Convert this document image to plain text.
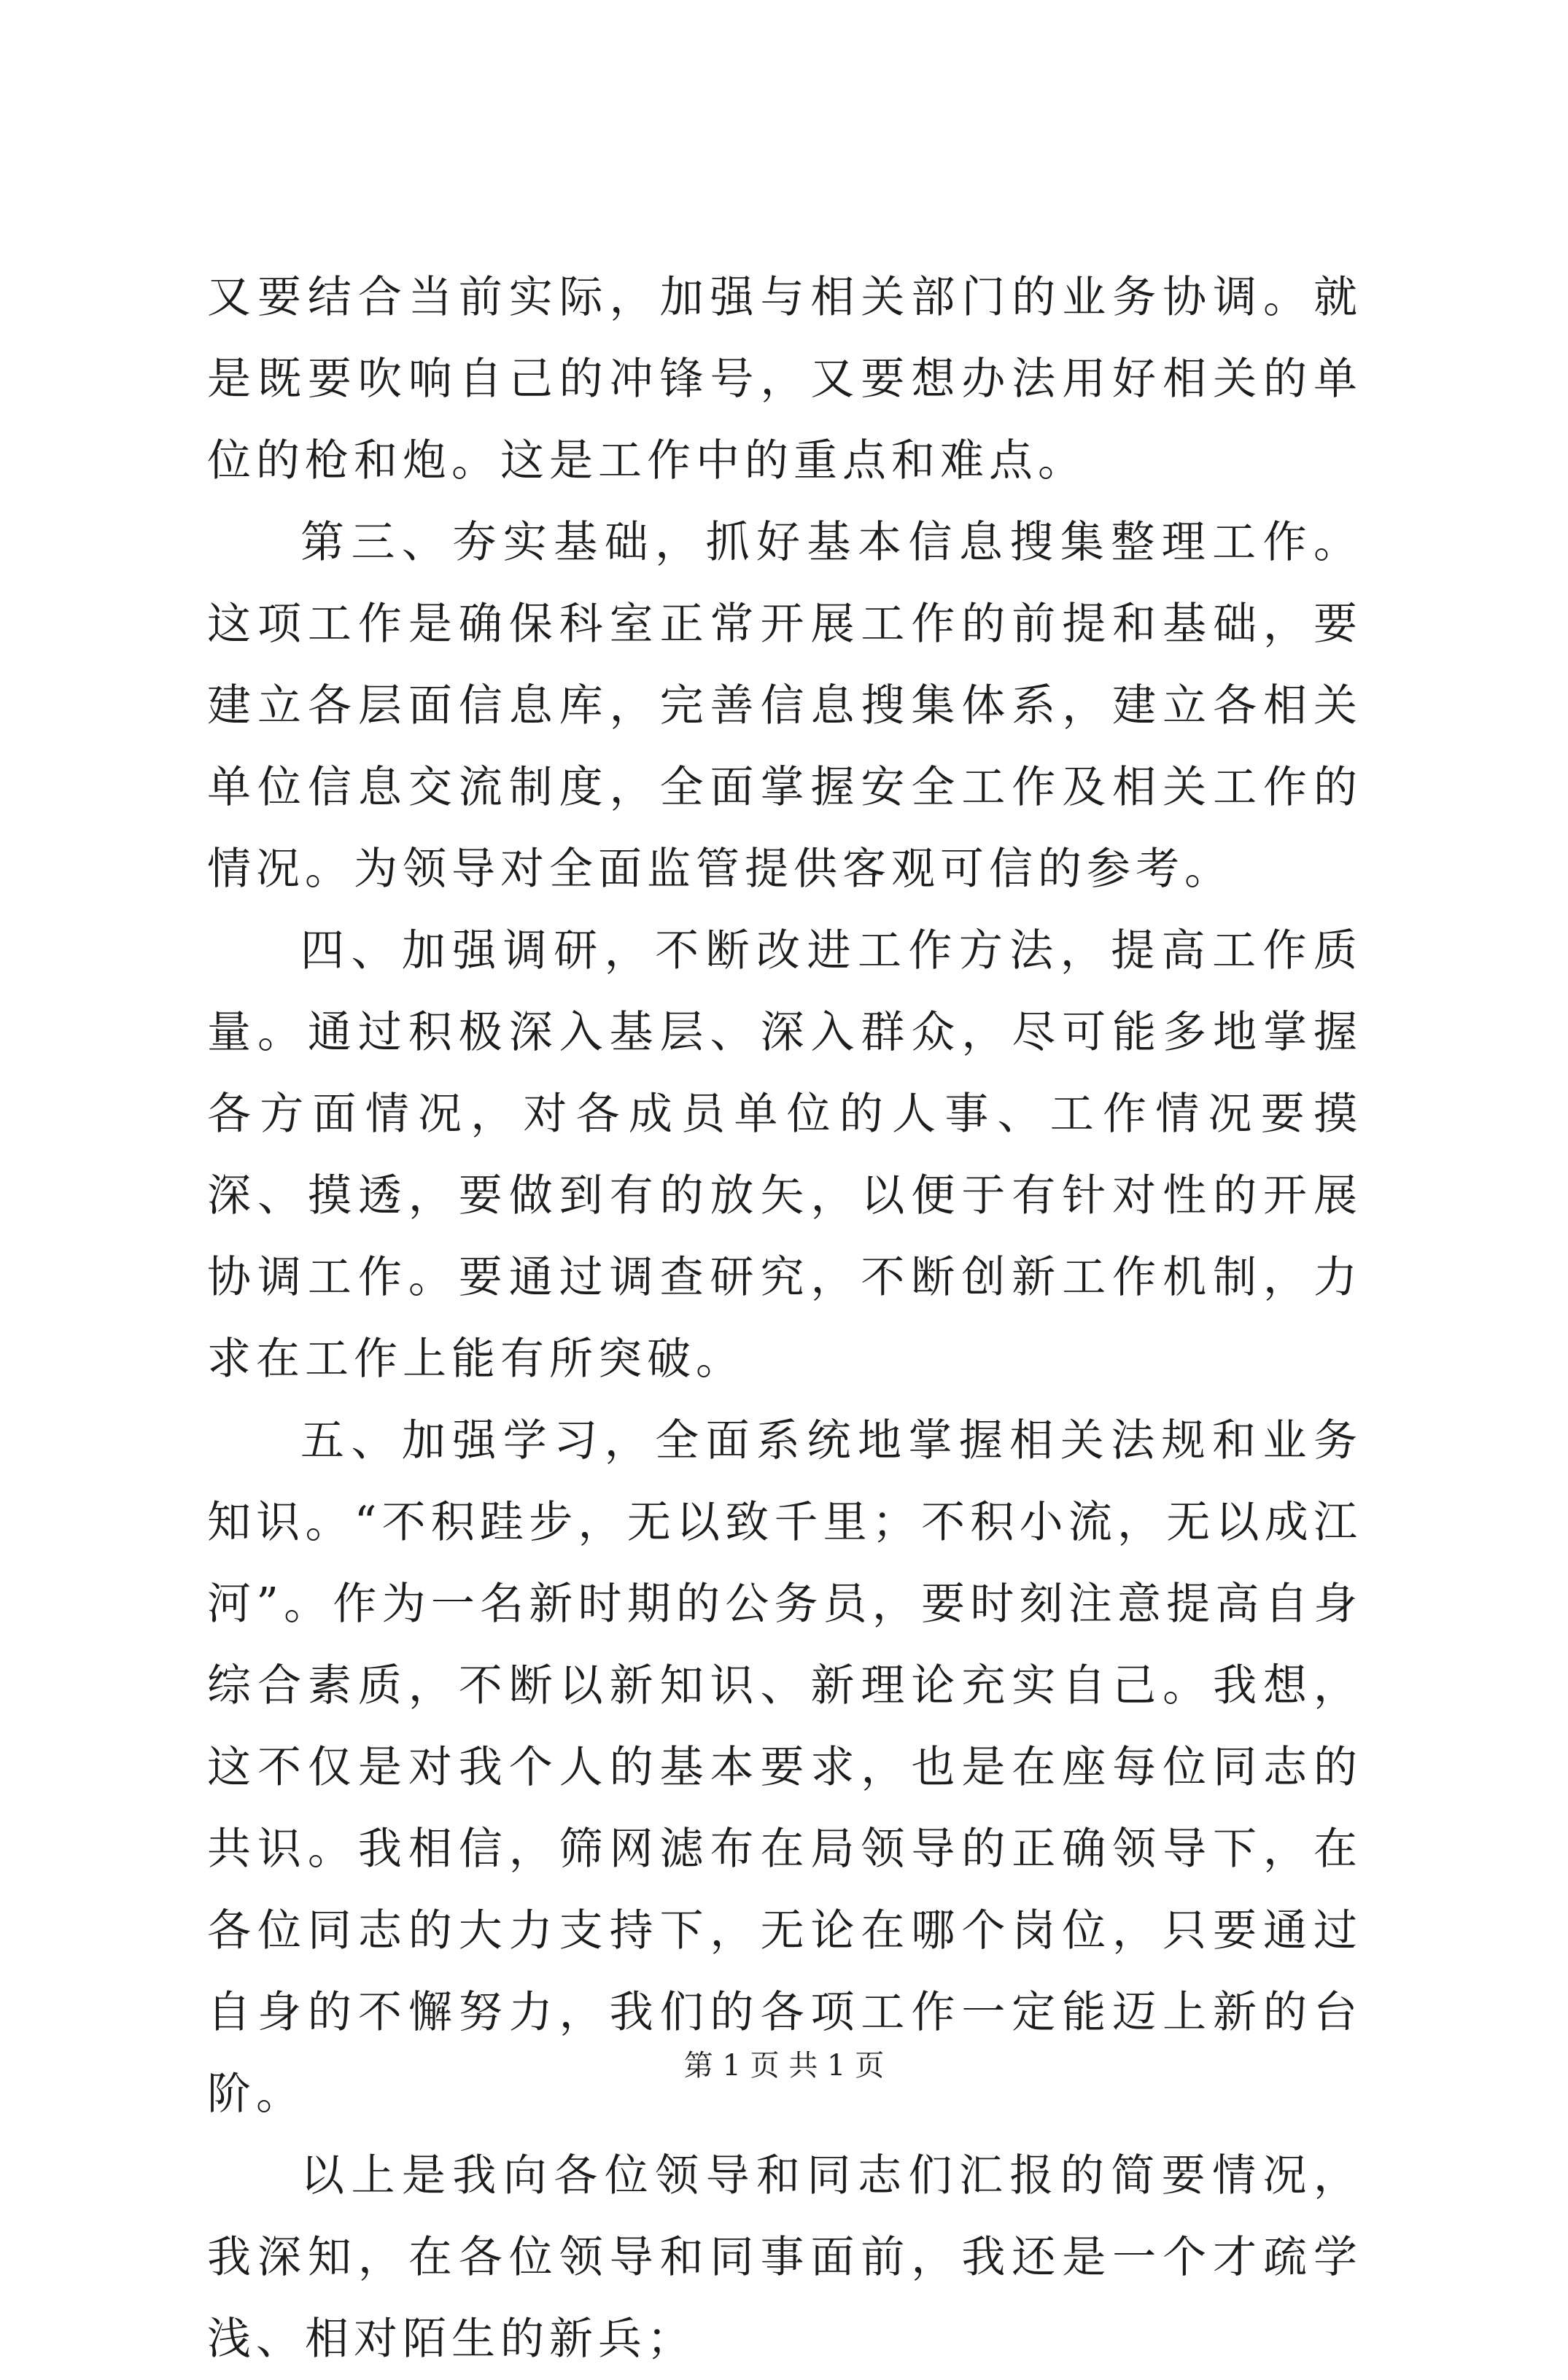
又要结合当前实际，加强与相关部门的业务协调。就是既要吹响自己的冲锋号，又要想办法用好相关的单位的枪和炮。这是工作中的重点和难点。

第三、夯实基础，抓好基本信息搜集整理工作。这项工作是确保科室正常开展工作的前提和基础，要建立各层面信息库，完善信息搜集体系，建立各相关单位信息交流制度，全面掌握安全工作及相关工作的情况。为领导对全面监管提供客观可信的参考。

四、加强调研，不断改进工作方法，提高工作质量。通过积极深入基层、深入群众，尽可能多地掌握各方面情况，对各成员单位的人事、工作情况要摸深、摸透，要做到有的放矢，以便于有针对性的开展协调工作。要通过调查研究，不断创新工作机制，力求在工作上能有所突破。

五、加强学习，全面系统地掌握相关法规和业务知识。“不积跬步，无以致千里；不积小流，无以成江河”。作为一名新时期的公务员，要时刻注意提高自身综合素质，不断以新知识、新理论充实自己。我想，这不仅是对我个人的基本要求，也是在座每位同志的共识。我相信，筛网滤布在局领导的正确领导下，在各位同志的大力支持下，无论在哪个岗位，只要通过自身的不懈努力，我们的各项工作一定能迈上新的台阶。

以上是我向各位领导和同志们汇报的简要情况，我深知，在各位领导和同事面前，我还是一个才疏学浅、相对陌生的新兵；

第 1 页 共 1 页
